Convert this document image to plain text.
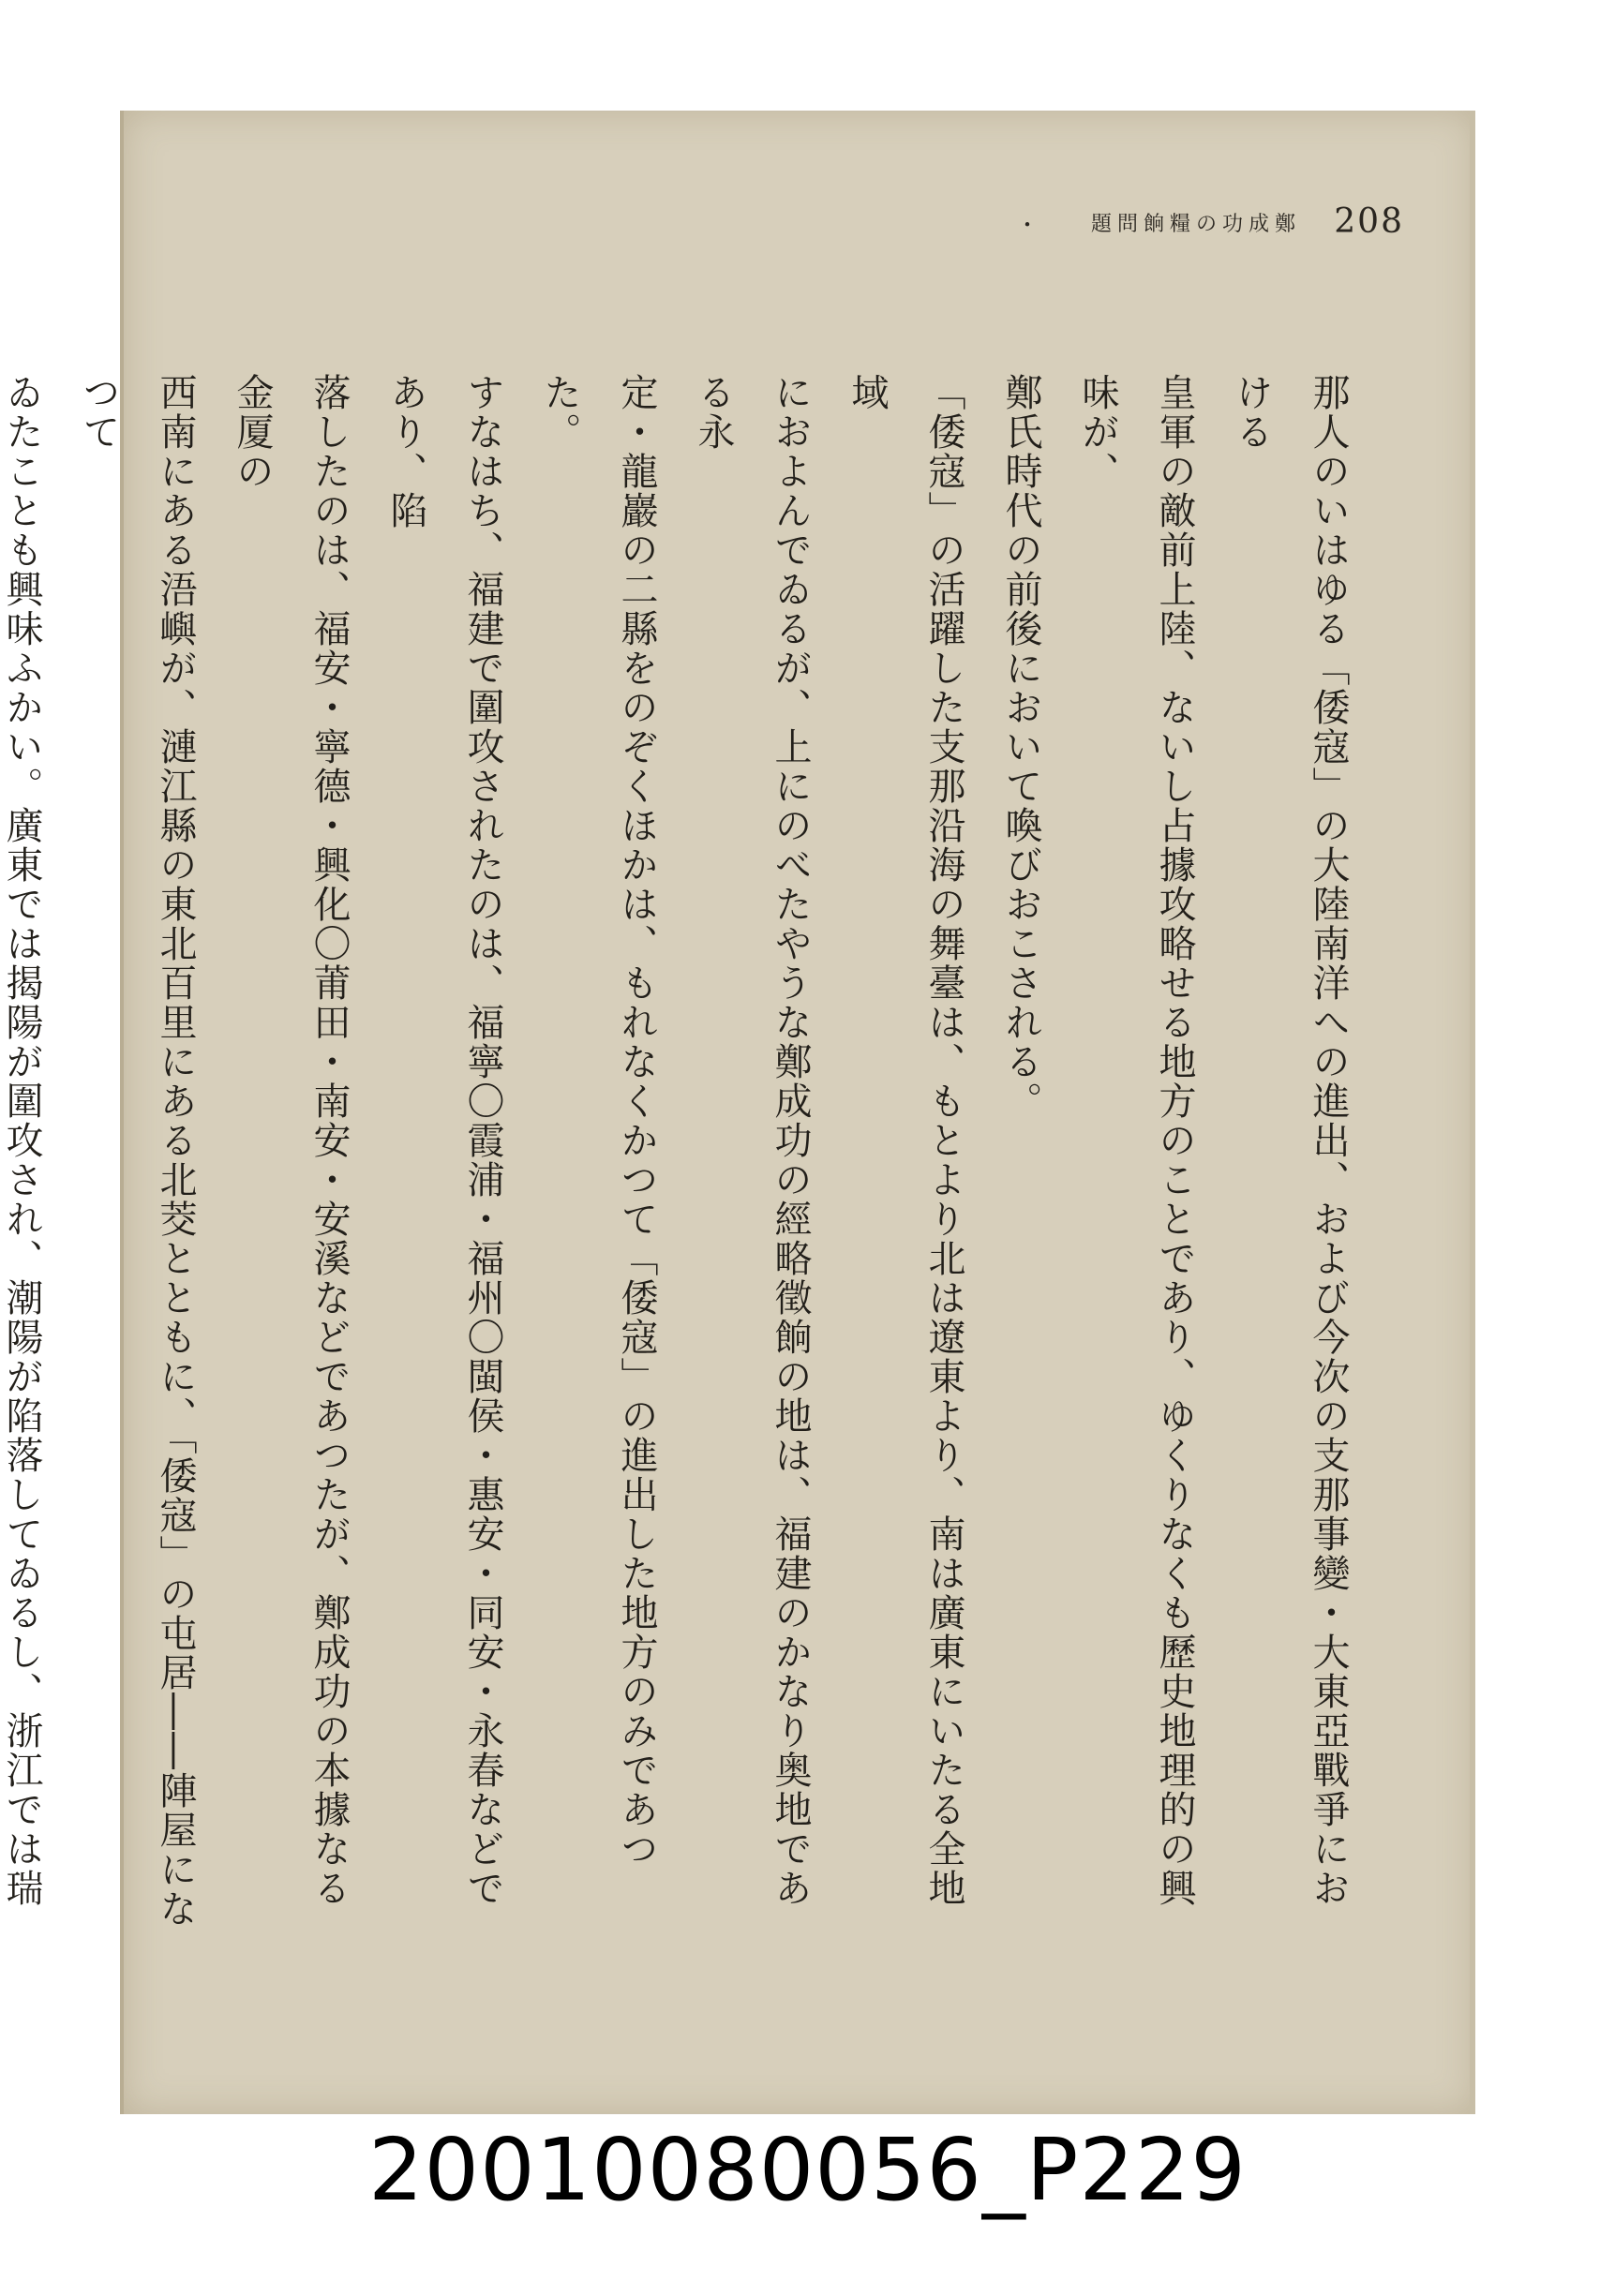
・	鄭成功の糧餉問題 208
那人のいはゆる「倭寇」の大陸南洋への進出、および今次の支那事變・大東亞戰爭における
皇軍の敵前上陸、ないし占據攻略せる地方のことであり、ゆくりなくも歷史地理的の興味が、
鄭氏時代の前後において喚びおこされる。
「倭寇」の活躍した支那沿海の舞臺は、もとより北は遼東より、南は廣東にいたる全地域
におよんでゐるが、上にのべたやうな鄭成功の經略徵餉の地は、福建のかなり奥地である永
定・龍巖の二縣をのぞくほかは、もれなくかつて「倭寇」の進出した地方のみであつた。
すなはち、福建で圍攻されたのは、福寧〇霞浦・福州〇閩侯・惠安・同安・永春などであり、陷
落したのは、福安・寧德・興化〇莆田・南安・安溪などであつたが、鄭成功の本據なる金厦の
西南にある浯嶼が、漣江縣の東北百里にある北茭とともに、「倭寇」の屯居――陣屋になつて
ゐたことも興味ふかい。廣東では揭陽が圍攻され、潮陽が陷落してゐるし、浙江では瑞
20010080056_P229
